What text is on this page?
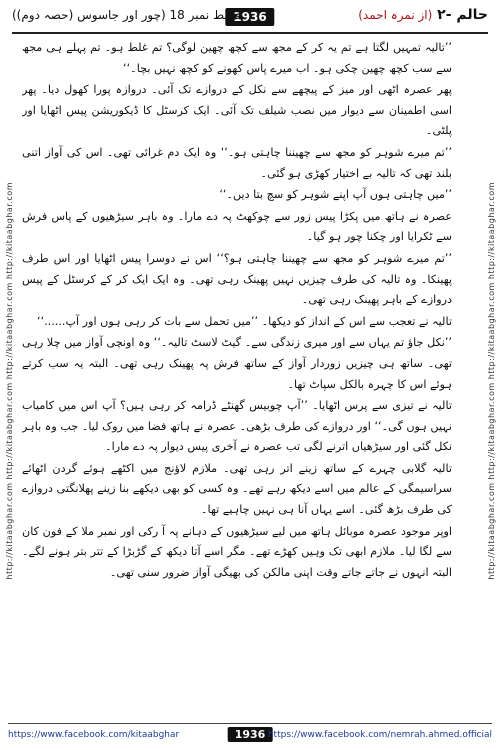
حالم -۲ (از نمرہ احمد)
1936
قسط نمبر 18 (چور اور جاسوس (حصہ دوم))
http://kitaabghar.com http://kitaabghar.com http://kitaabghar.com http://kitaabghar.com	http://kitaabghar.com http://kitaabghar.com http://kitaabghar.com http://kitaabghar.com

’’تالیہ تمہیں لگتا ہے تم یہ کر کے مجھ سے کچھ چھین لوگی؟ تم غلط ہو۔ تم پہلے ہی مجھ سے سب کچھ چھین چکی ہو۔ اب میرے پاس کھونے کو کچھ نہیں بچا۔‘‘

پھر عصرہ اٹھی اور میز کے پیچھے سے نکل کے دروازے تک آئی۔ دروازہ پورا کھول دیا۔ پھر اسی اطمینان سے دیوار میں نصب شیلف تک آئی۔ ایک کرسٹل کا ڈیکوریشن پیس اٹھایا اور پلٹی۔

’’تم میرے شوہر کو مجھ سے چھیننا چاہتی ہو۔‘‘ وہ ایک دم غرائی تھی۔ اس کی آواز اتنی بلند تھی کہ تالیہ بے اختیار کھڑی ہو گئی۔

’’میں چاہتی ہوں آپ اپنے شوہر کو سچ بتا دیں۔‘‘

عصرہ نے ہاتھ میں پکڑا پیس زور سے چوکھٹ پہ دے مارا۔ وہ باہر سیڑھیوں کے پاس فرش سے ٹکرایا اور چکنا چور ہو گیا۔

’’تم میرے شوہر کو مجھ سے چھیننا چاہتی ہو؟‘‘ اس نے دوسرا پیس اٹھایا اور اس طرف پھینکا۔ وہ تالیہ کی طرف چیزیں نہیں پھینک رہی تھی۔ وہ ایک ایک کر کے کرسٹل کے پیس دروازے کے باہر پھینک رہی تھی۔

تالیہ نے تعجب سے اس کے انداز کو دیکھا۔ ’’میں تحمل سے بات کر رہی ہوں اور آپ......‘‘

’’نکل جاؤ تم یہاں سے اور میری زندگی سے۔ گیٹ لاسٹ تالیہ۔‘‘ وہ اونچی آواز میں چلا رہی تھی۔ ساتھ ہی چیزیں زوردار آواز کے ساتھ فرش پہ پھینک رہی تھی۔ البتہ یہ سب کرتے ہوئے اس کا چہرہ بالکل سپاٹ تھا۔

تالیہ نے تیزی سے پرس اٹھایا۔ ’’آپ چوبیس گھنٹے ڈرامہ کر رہی ہیں؟ آپ اس میں کامیاب نہیں ہوں گی۔‘‘ اور دروازے کی طرف بڑھی۔ عصرہ نے ہاتھ فضا میں روک لیا۔ جب وہ باہر نکل گئی اور سیڑھیاں اترنے لگی تب عصرہ نے آخری پیس دیوار پہ دے مارا۔

تالیہ گلابی چہرے کے ساتھ زینے اتر رہی تھی۔ ملازم لاؤنج میں اکٹھے ہوئے گردن اٹھائے سراسیمگی کے عالم میں اسے دیکھ رہے تھے۔ وہ کسی کو بھی دیکھے بنا زینے پھلانگتی دروازے کی طرف بڑھ گئی۔ اسے یہاں آنا ہی نہیں چاہیے تھا۔

اوپر موجود عصرہ موبائل ہاتھ میں لیے سیڑھیوں کے دہانے پہ آ رکی اور نمبر ملا کے فون کان سے لگا لیا۔ ملازم ابھی تک وہیں کھڑے تھے۔ مگر اسے آتا دیکھ کے گڑبڑا کے تتر بتر ہونے لگے۔ البتہ انہوں نے جاتے جاتے وقت اپنی مالکن کی بھیگی آواز ضرور سنی تھی۔

https://www.facebook.com/kitaabghar	1936 https://www.facebook.com/nemrah.ahmed.official
